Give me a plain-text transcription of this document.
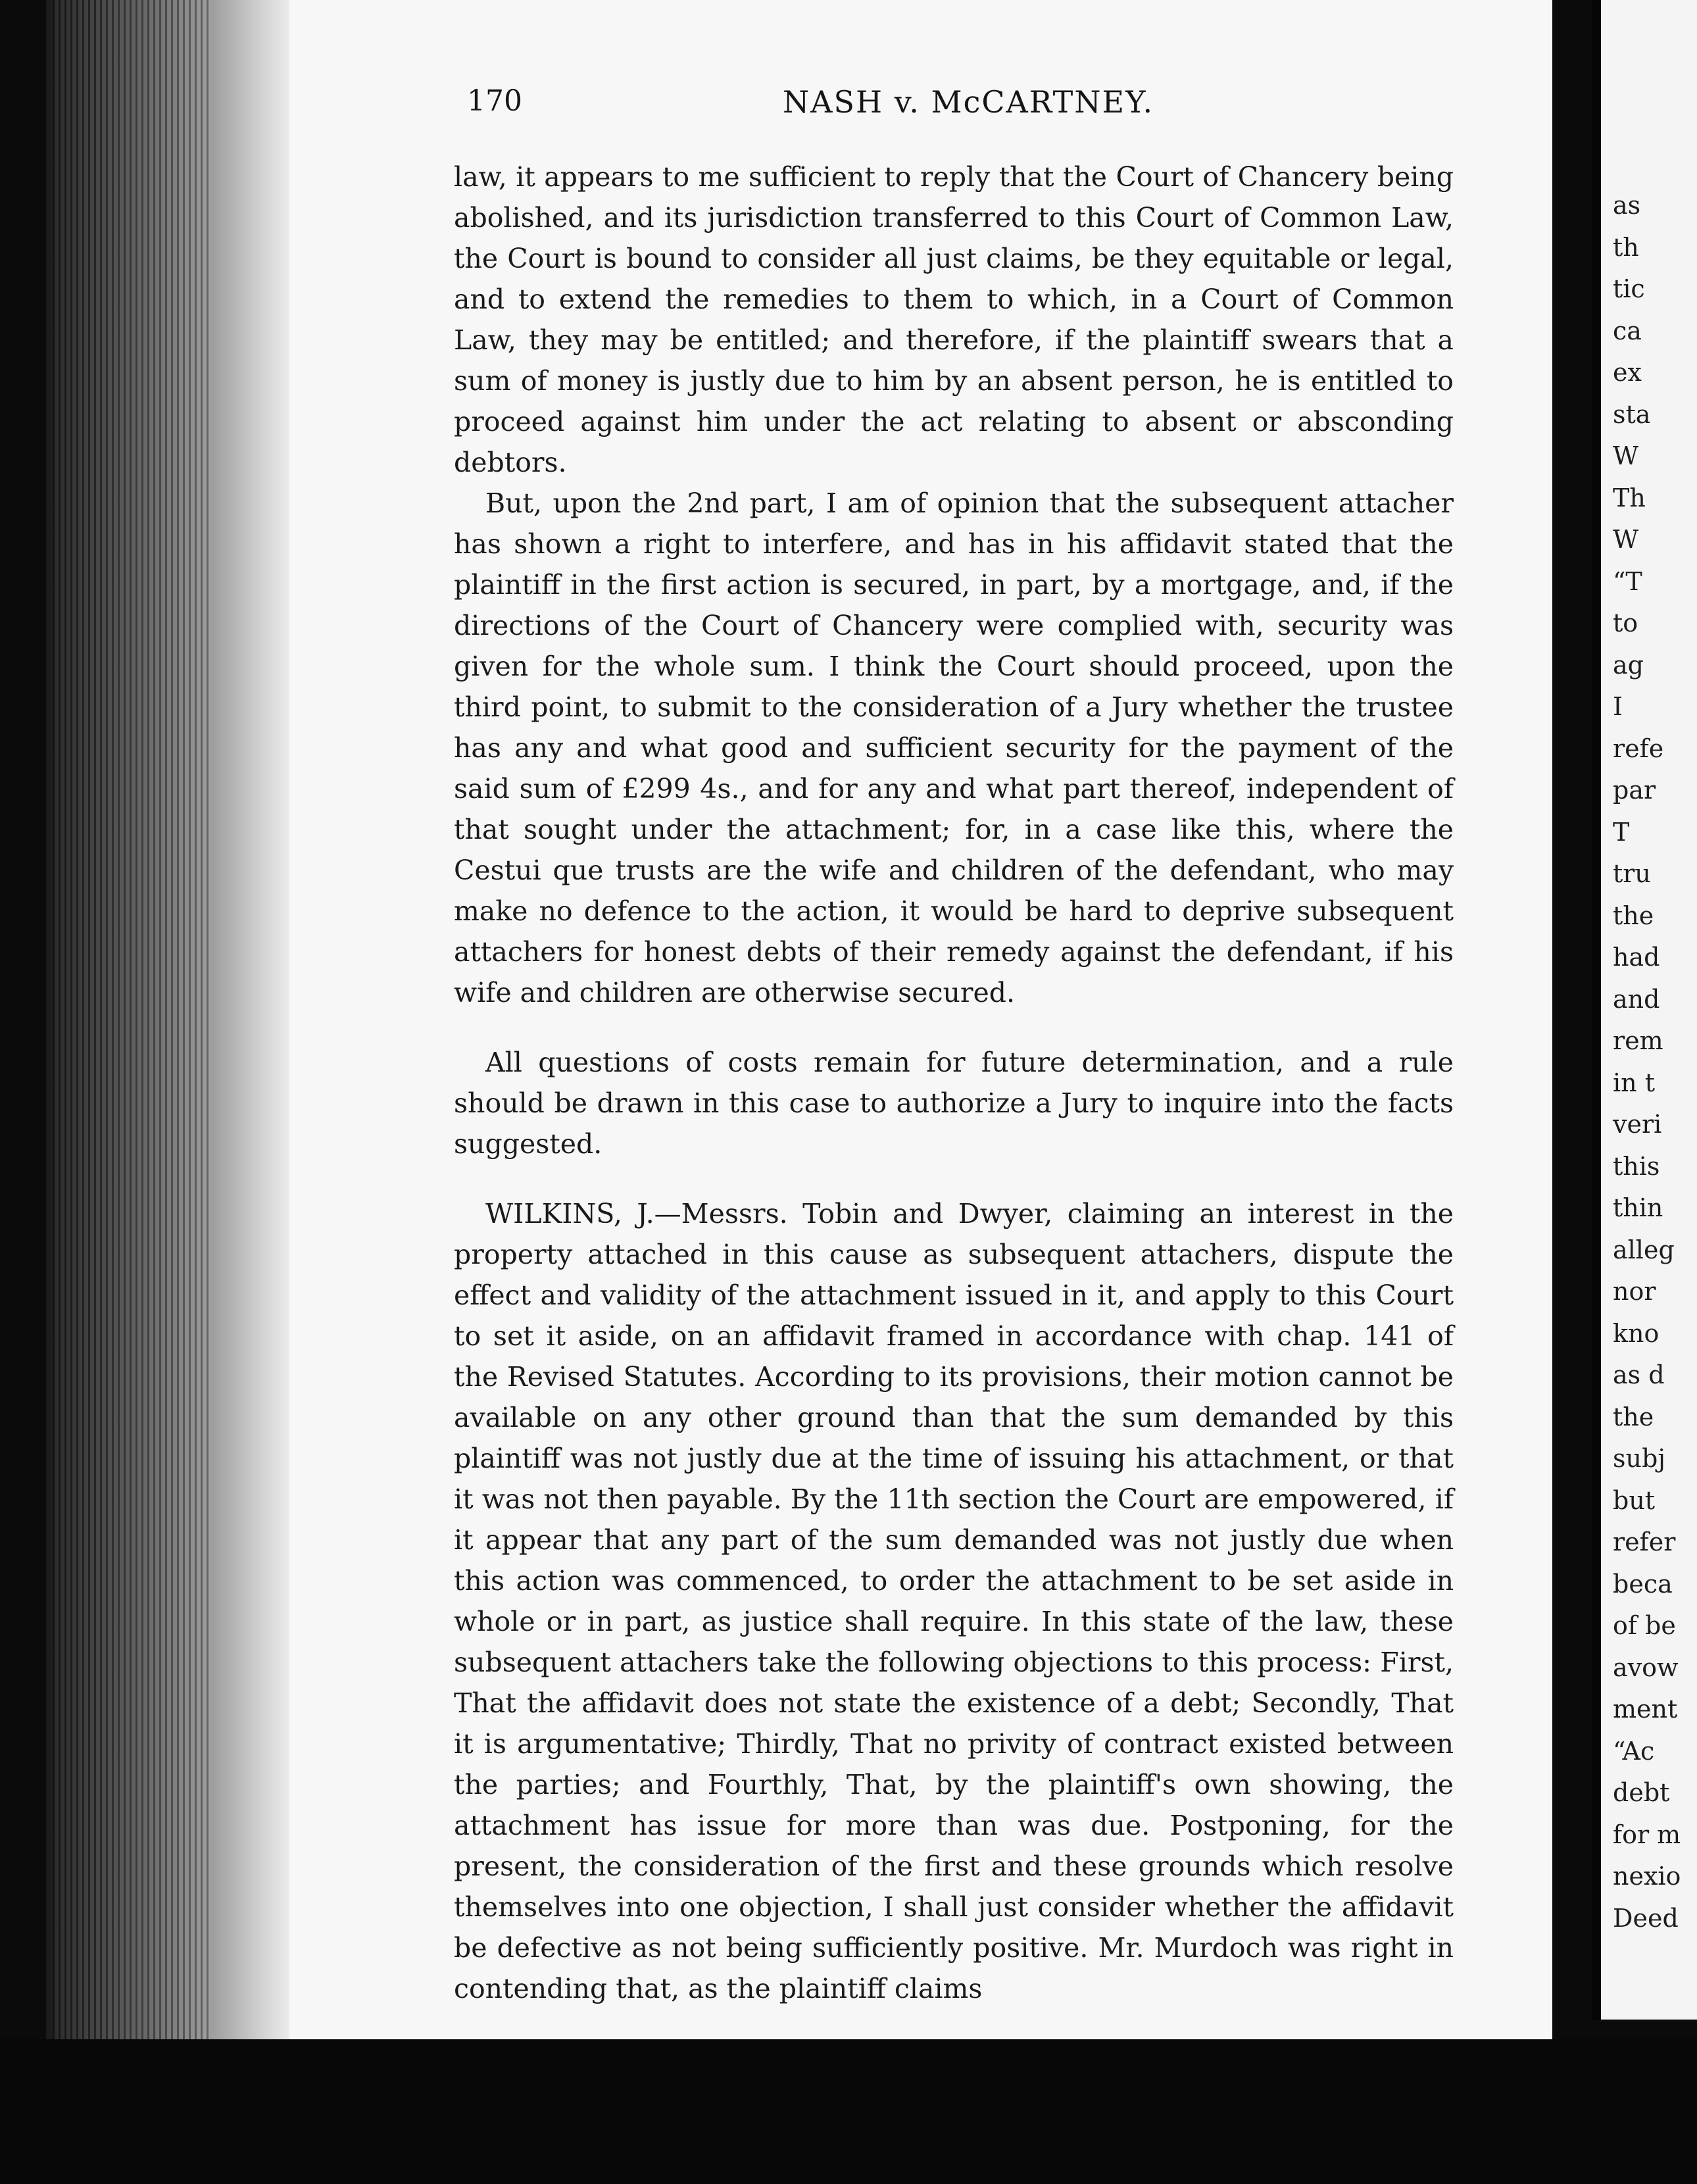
as
th
tic
ca
ex
sta
W
Th
W
“T
to
ag
I
refe
par
T
tru
the
had
and
rem
in t
veri
this
thin
alleg
nor
kno
as d
the
subj
but
refer
beca
of be
avow
ment
“Ac
debt
for m
nexio
Deed
170	NASH v. McCARTNEY.

law, it appears to me sufficient to reply that the Court of Chancery being abolished, and its jurisdiction transferred to this Court of Common Law, the Court is bound to consider all just claims, be they equitable or legal, and to extend the remedies to them to which, in a Court of Common Law, they may be entitled; and therefore, if the plaintiff swears that a sum of money is justly due to him by an absent person, he is entitled to proceed against him under the act relating to absent or absconding debtors.

But, upon the 2nd part, I am of opinion that the subsequent attacher has shown a right to interfere, and has in his affidavit stated that the plaintiff in the first action is secured, in part, by a mortgage, and, if the directions of the Court of Chancery were complied with, security was given for the whole sum. I think the Court should proceed, upon the third point, to submit to the consideration of a Jury whether the trustee has any and what good and sufficient security for the payment of the said sum of £299 4s., and for any and what part thereof, independent of that sought under the attachment; for, in a case like this, where the Cestui que trusts are the wife and children of the defendant, who may make no defence to the action, it would be hard to deprive subsequent attachers for honest debts of their remedy against the defendant, if his wife and children are otherwise secured.

All questions of costs remain for future determination, and a rule should be drawn in this case to authorize a Jury to inquire into the facts suggested.

WILKINS, J.—Messrs. Tobin and Dwyer, claiming an interest in the property attached in this cause as subsequent attachers, dispute the effect and validity of the attachment issued in it, and apply to this Court to set it aside, on an affidavit framed in accordance with chap. 141 of the Revised Statutes. According to its provisions, their motion cannot be available on any other ground than that the sum demanded by this plaintiff was not justly due at the time of issuing his attachment, or that it was not then payable. By the 11th section the Court are empowered, if it appear that any part of the sum demanded was not justly due when this action was commenced, to order the attachment to be set aside in whole or in part, as justice shall require. In this state of the law, these subsequent attachers take the following objections to this process: First, That the affidavit does not state the existence of a debt; Secondly, That it is argumentative; Thirdly, That no privity of contract existed between the parties; and Fourthly, That, by the plaintiff's own showing, the attachment has issue for more than was due. Postponing, for the present, the consideration of the first and these grounds which resolve themselves into one objection, I shall just consider whether the affidavit be defective as not being sufficiently positive. Mr. Murdoch was right in contending that, as the plaintiff claims
